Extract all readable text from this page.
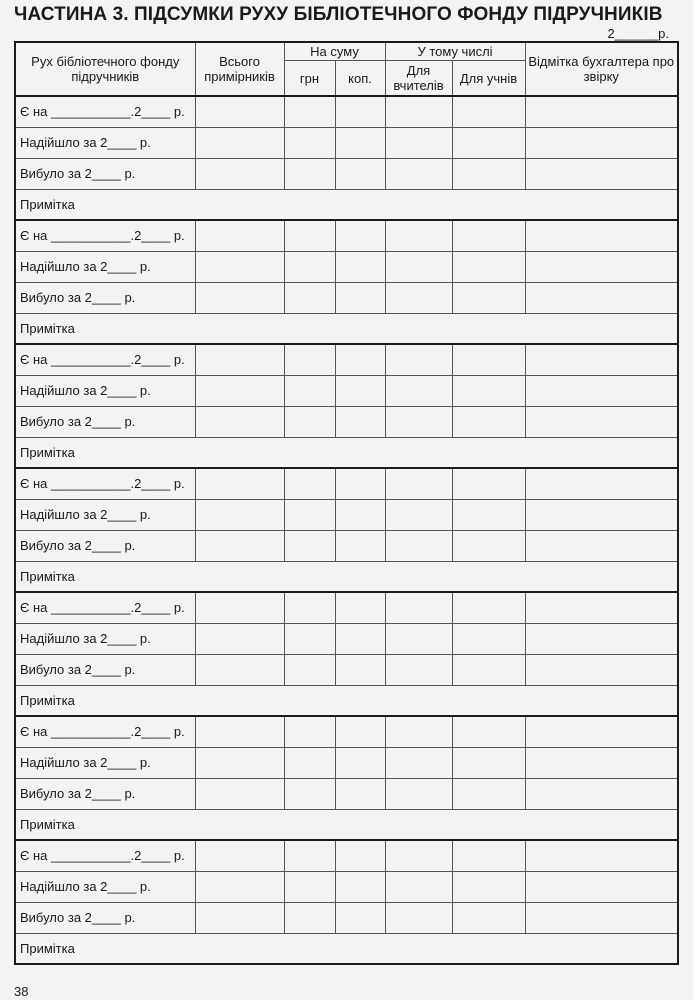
ЧАСТИНА 3. ПІДСУМКИ РУХУ БІБЛІОТЕЧНОГО ФОНДУ ПІДРУЧНИКІВ
2______р.
Рух бібліотечного фонду підручників	Всього примірників	На суму		У тому числі		Відмітка бухгалтера про звірку
		грн	коп.	Для вчителів	Для учнів	
Є на ___________.2____ р.						
Надійшло за 2____ р.						
Вибуло за 2____ р.						
Примітка						
Є на ___________.2____ р.						
Надійшло за 2____ р.						
Вибуло за 2____ р.						
Примітка						
Є на ___________.2____ р.						
Надійшло за 2____ р.						
Вибуло за 2____ р.						
Примітка						
Є на ___________.2____ р.						
Надійшло за 2____ р.						
Вибуло за 2____ р.						
Примітка						
Є на ___________.2____ р.						
Надійшло за 2____ р.						
Вибуло за 2____ р.						
Примітка						
Є на ___________.2____ р.						
Надійшло за 2____ р.						
Вибуло за 2____ р.						
Примітка						
Є на ___________.2____ р.						
Надійшло за 2____ р.						
Вибуло за 2____ р.						
Примітка						
38
